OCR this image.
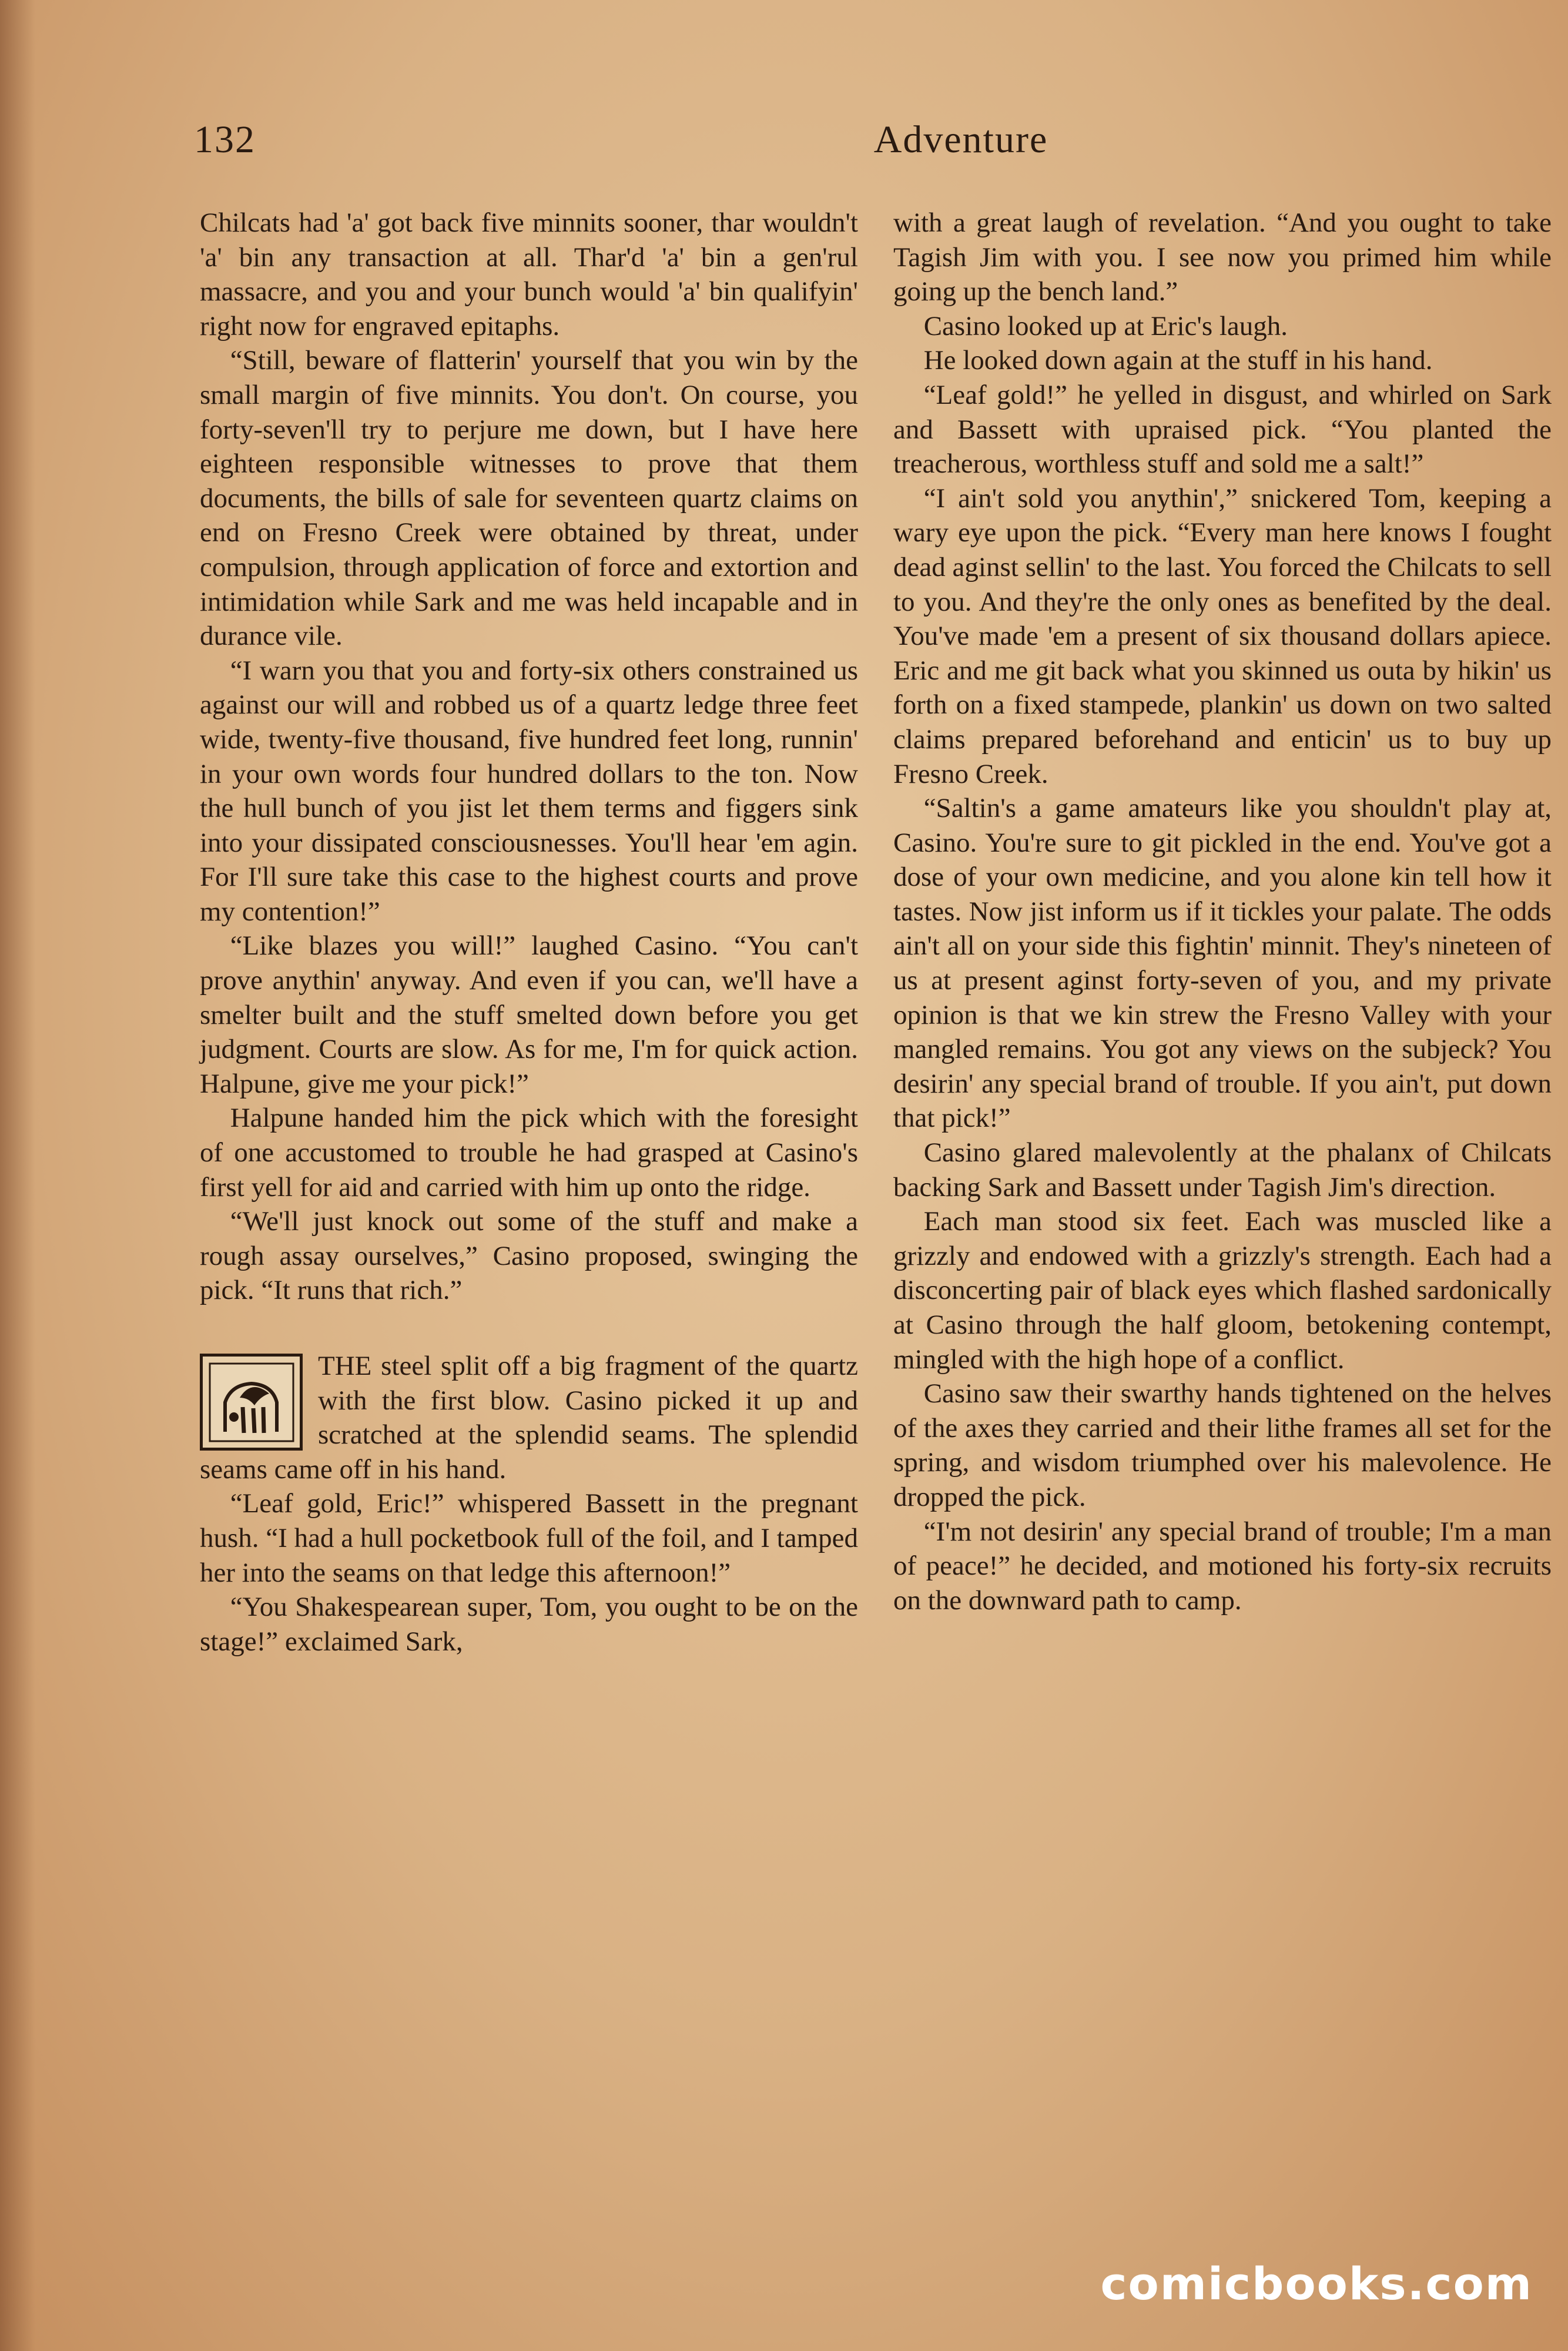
132	Adventure

Chilcats had 'a' got back five minnits sooner, thar wouldn't 'a' bin any transaction at all. Thar'd 'a' bin a gen'rul massacre, and you and your bunch would 'a' bin qualifyin' right now for engraved epitaphs.

“Still, beware of flatterin' yourself that you win by the small margin of five minnits. You don't. On course, you forty-seven'll try to perjure me down, but I have here eighteen responsible witnesses to prove that them documents, the bills of sale for seventeen quartz claims on end on Fresno Creek were obtained by threat, under compulsion, through application of force and extortion and intimidation while Sark and me was held incapable and in durance vile.

“I warn you that you and forty-six others constrained us against our will and robbed us of a quartz ledge three feet wide, twenty-five thousand, five hundred feet long, runnin' in your own words four hundred dollars to the ton. Now the hull bunch of you jist let them terms and figgers sink into your dissipated consciousnesses. You'll hear 'em agin. For I'll sure take this case to the highest courts and prove my contention!”

“Like blazes you will!” laughed Casino. “You can't prove anythin' anyway. And even if you can, we'll have a smelter built and the stuff smelted down before you get judgment. Courts are slow. As for me, I'm for quick action. Halpune, give me your pick!”

Halpune handed him the pick which with the foresight of one accustomed to trouble he had grasped at Casino's first yell for aid and carried with him up onto the ridge.

“We'll just knock out some of the stuff and make a rough assay ourselves,” Casino proposed, swinging the pick. “It runs that rich.”

THE steel split off a big fragment of the quartz with the first blow. Casino picked it up and scratched at the splendid seams. The splendid seams came off in his hand.

“Leaf gold, Eric!” whispered Bassett in the pregnant hush. “I had a hull pocketbook full of the foil, and I tamped her into the seams on that ledge this afternoon!”

“You Shakespearean super, Tom, you ought to be on the stage!” exclaimed Sark,

with a great laugh of revelation. “And you ought to take Tagish Jim with you. I see now you primed him while going up the bench land.”

Casino looked up at Eric's laugh.

He looked down again at the stuff in his hand.

“Leaf gold!” he yelled in disgust, and whirled on Sark and Bassett with upraised pick. “You planted the treacherous, worthless stuff and sold me a salt!”

“I ain't sold you anythin',” snickered Tom, keeping a wary eye upon the pick. “Every man here knows I fought dead aginst sellin' to the last. You forced the Chilcats to sell to you. And they're the only ones as benefited by the deal. You've made 'em a present of six thousand dollars apiece. Eric and me git back what you skinned us outa by hikin' us forth on a fixed stampede, plankin' us down on two salted claims prepared beforehand and enticin' us to buy up Fresno Creek.

“Saltin's a game amateurs like you shouldn't play at, Casino. You're sure to git pickled in the end. You've got a dose of your own medicine, and you alone kin tell how it tastes. Now jist inform us if it tickles your palate. The odds ain't all on your side this fightin' minnit. They's nineteen of us at present aginst forty-seven of you, and my private opinion is that we kin strew the Fresno Valley with your mangled remains. You got any views on the subjeck? You desirin' any special brand of trouble. If you ain't, put down that pick!”

Casino glared malevolently at the phalanx of Chilcats backing Sark and Bassett under Tagish Jim's direction.

Each man stood six feet. Each was muscled like a grizzly and endowed with a grizzly's strength. Each had a disconcerting pair of black eyes which flashed sardonically at Casino through the half gloom, betokening contempt, mingled with the high hope of a conflict.

Casino saw their swarthy hands tightened on the helves of the axes they carried and their lithe frames all set for the spring, and wisdom triumphed over his malevolence. He dropped the pick.

“I'm not desirin' any special brand of trouble; I'm a man of peace!” he decided, and motioned his forty-six recruits on the downward path to camp.

comicbooks.com
